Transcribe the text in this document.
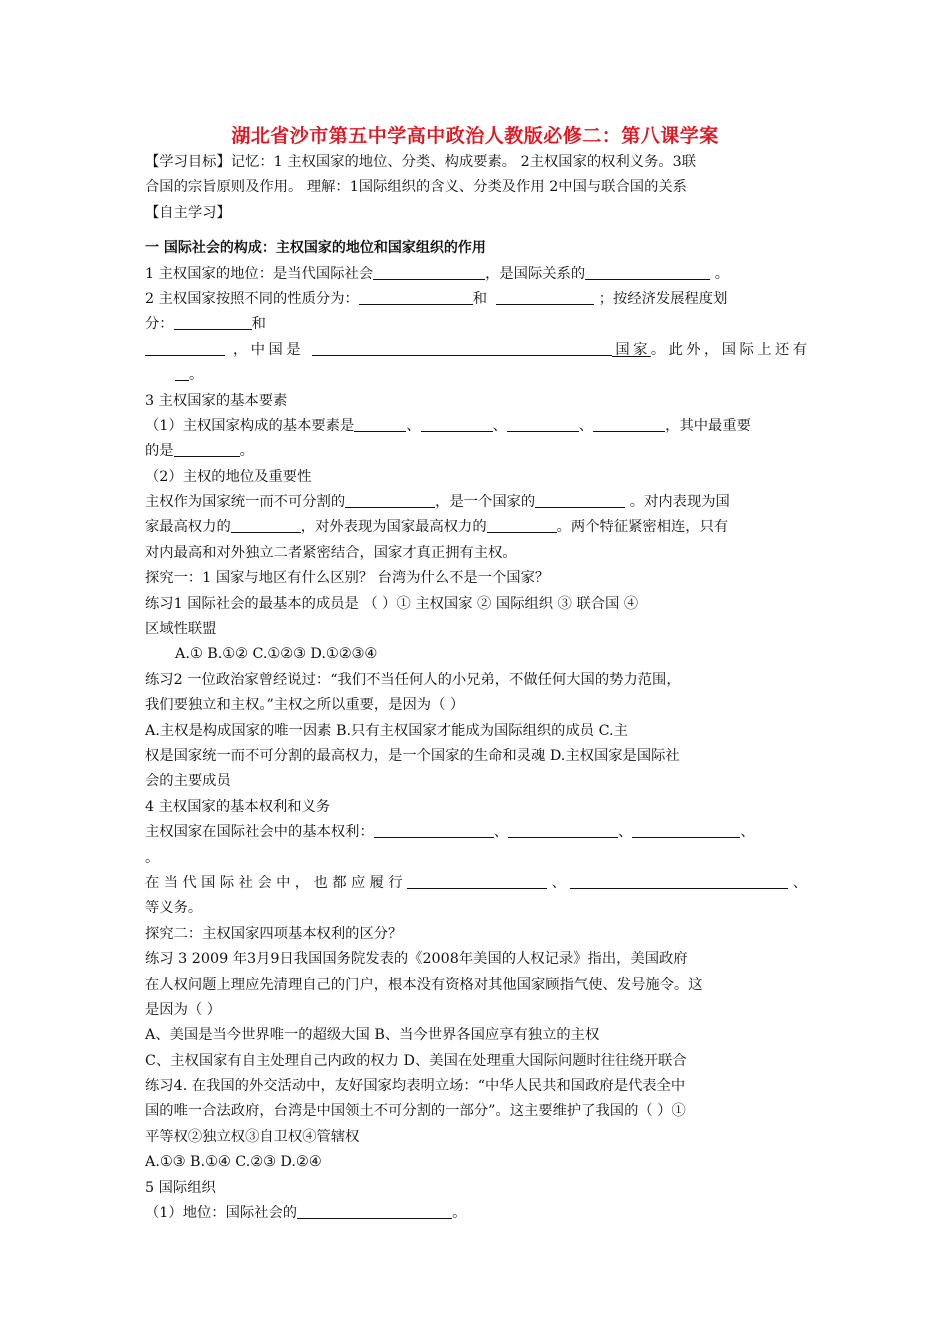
湖北省沙市第五中学高中政治人教版必修二：第八课学案
【学习目标】记忆：1 主权国家的地位、分类、构成要素。 2主权国家的权利义务。3联
合国的宗旨原则及作用。 理解：1国际组织的含义、分类及作用 2中国与联合国的关系
【自主学习】
一 国际社会的构成：主权国家的地位和国家组织的作用
1 主权国家的地位：是当代国际社会	，是国际关系的	。
2 主权国家按照不同的性质分为：	和	；按经济发展程度划
分：	和
，中国是	国家。此外，国际上还有
。
3 主权国家的基本要素
（1）主权国家构成的基本要素是	、	、	、	，其中最重要
的是	。
（2）主权的地位及重要性
主权作为国家统一而不可分割的	，是一个国家的	。对内表现为国
家最高权力的	，对外表现为国家最高权力的	。两个特征紧密相连，只有
对内最高和对外独立二者紧密结合，国家才真正拥有主权。
探究一：1 国家与地区有什么区别？ 台湾为什么不是一个国家？
练习1 国际社会的最基本的成员是 （ ）① 主权国家 ② 国际组织 ③ 联合国 ④
区域性联盟
A.① B.①② C.①②③ D.①②③④
练习2 一位政治家曾经说过：“我们不当任何人的小兄弟，不做任何大国的势力范围，
我们要独立和主权。”主权之所以重要，是因为（ ）
A.主权是构成国家的唯一因素 B.只有主权国家才能成为国际组织的成员 C.主
权是国家统一而不可分割的最高权力，是一个国家的生命和灵魂 D.主权国家是国际社
会的主要成员
4 主权国家的基本权利和义务
主权国家在国际社会中的基本权利：	、	、	、
。
在当代国际社会中，也都应履行	、	、
等义务。
探究二：主权国家四项基本权利的区分？
练习 3 2009 年3月9日我国国务院发表的《2008年美国的人权记录》指出，美国政府
在人权问题上理应先清理自己的门户，根本没有资格对其他国家顾指气使、发号施令。这
是因为（ ）
A、美国是当今世界唯一的超级大国 B、当今世界各国应享有独立的主权
C、主权国家有自主处理自己内政的权力 D、美国在处理重大国际问题时往往绕开联合
练习4. 在我国的外交活动中，友好国家均表明立场：“中华人民共和国政府是代表全中
国的唯一合法政府，台湾是中国领土不可分割的一部分”。这主要维护了我国的（ ）①
平等权②独立权③自卫权④管辖权
A.①③ B.①④ C.②③ D.②④
5 国际组织
（1）地位：国际社会的	。
